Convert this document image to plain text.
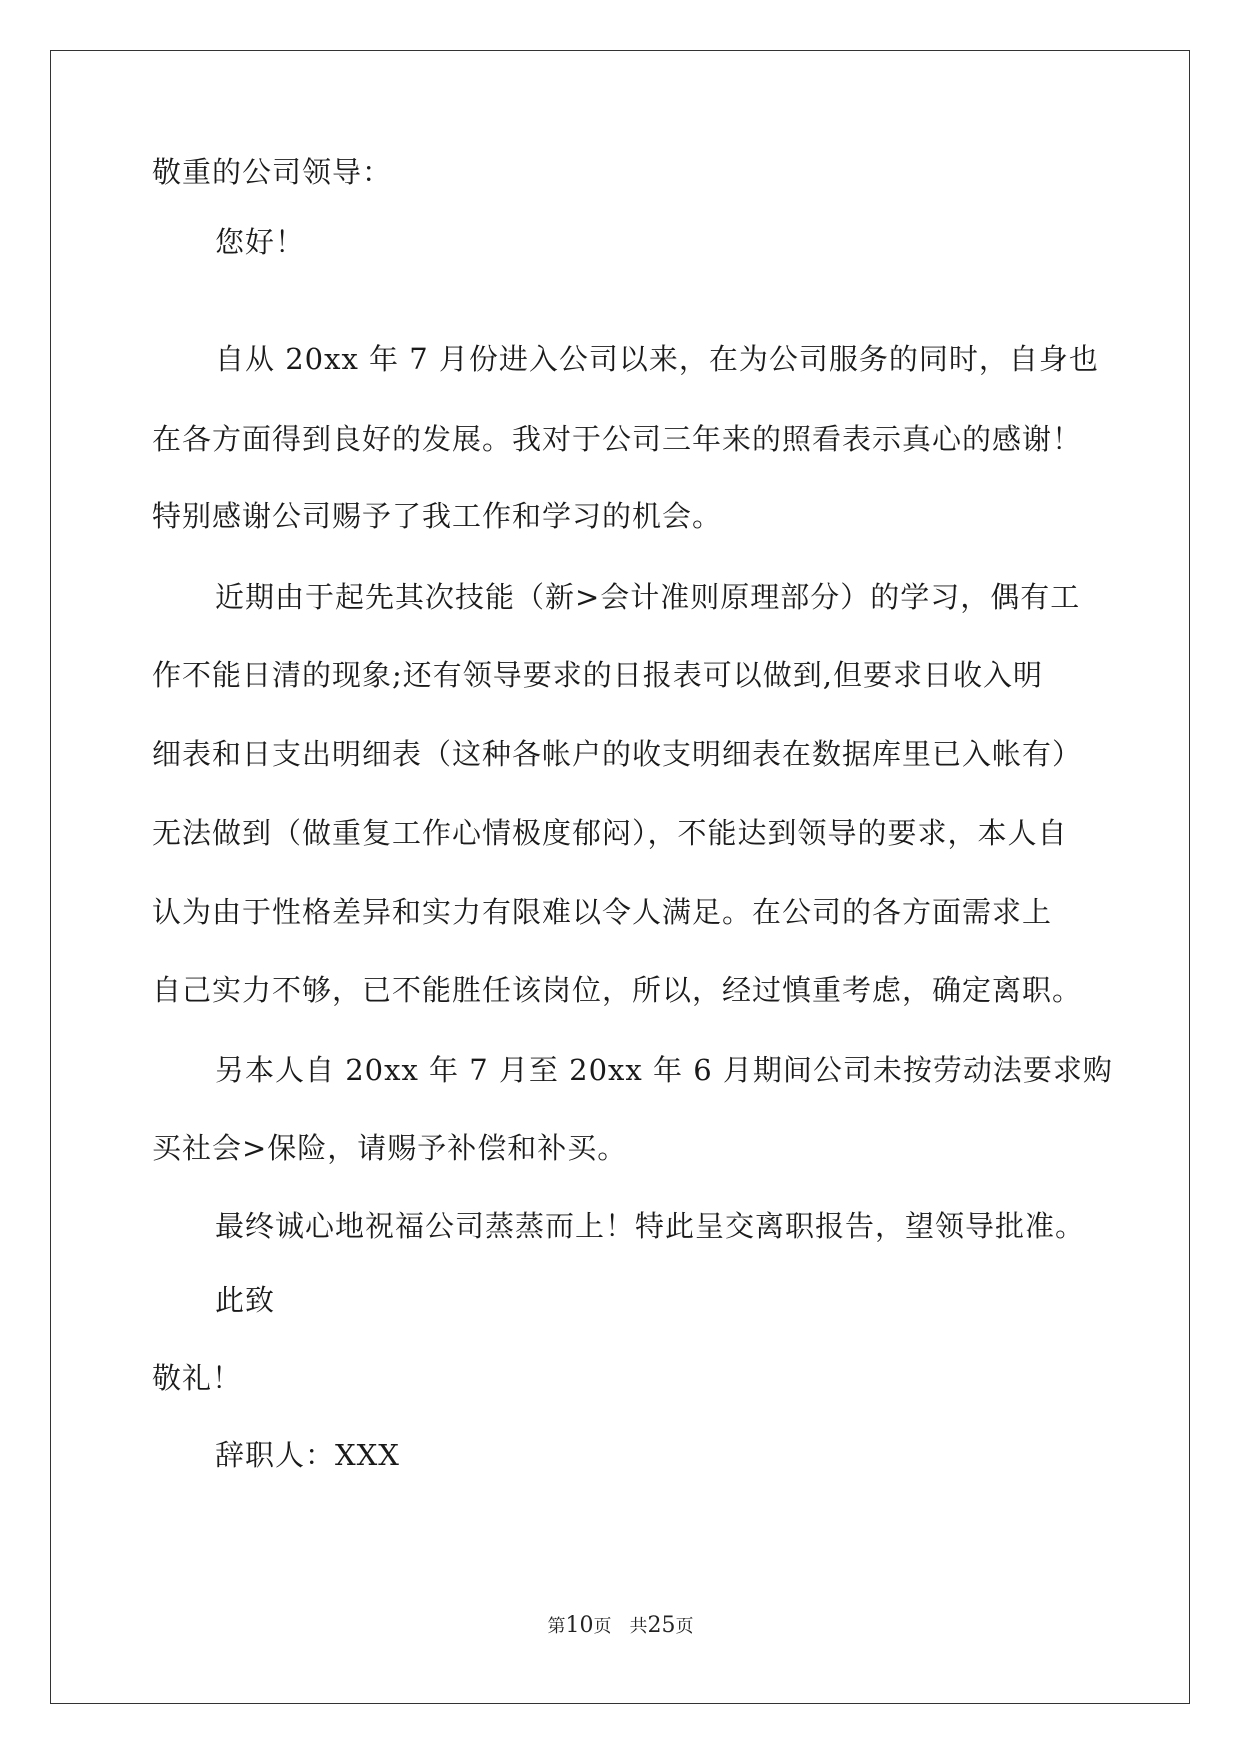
敬重的公司领导：
您好！
自从 20xx 年 7 月份进入公司以来，在为公司服务的同时，自身也
在各方面得到良好的发展。我对于公司三年来的照看表示真心的感谢！
特别感谢公司赐予了我工作和学习的机会。
近期由于起先其次技能（新>会计准则原理部分）的学习，偶有工
作不能日清的现象;还有领导要求的日报表可以做到,但要求日收入明
细表和日支出明细表（这种各帐户的收支明细表在数据库里已入帐有）
无法做到（做重复工作心情极度郁闷），不能达到领导的要求，本人自
认为由于性格差异和实力有限难以令人满足。在公司的各方面需求上
自己实力不够，已不能胜任该岗位，所以，经过慎重考虑，确定离职。
另本人自 20xx 年 7 月至 20xx 年 6 月期间公司未按劳动法要求购
买社会>保险，请赐予补偿和补买。
最终诚心地祝福公司蒸蒸而上！特此呈交离职报告，望领导批准。
此致
敬礼！
辞职人：XXX
第10页　共25页
